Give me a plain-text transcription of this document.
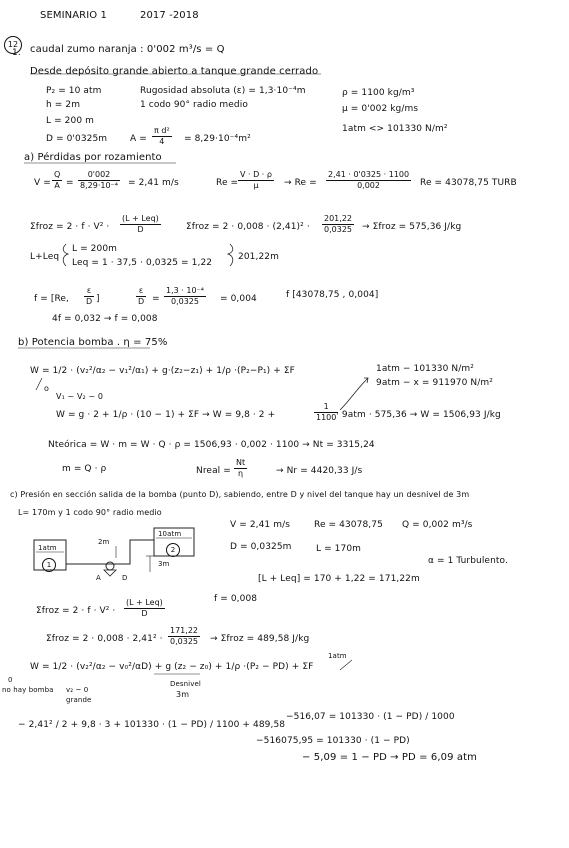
SEMINARIO 1	2017 -2018
12
1. caudal zumo naranja : 0'002 m³/s = Q
Desde depósito grande abierto a tanque grande cerrado
P₂ = 10 atm
h = 2m
L = 200 m
D = 0'0325m
Rugosidad absoluta (ε) = 1,3·10⁻⁴m
1 codo 90° radio medio
$A = \frac{\text{π d²}}{4} = 8,29\cdot 10^{-4}m^2$
ρ = 1100 kg/m³
μ = 0'002 kg/ms
1atm <> 101330 N/m²
a) Pérdidas por rozamiento
$V = \frac{Q}{A} = \frac{0'002}{\text{8,29·10⁻⁴}} = 2,41$ m/s	$Re = \frac{V \cdot D \cdot \rho}{\mu} \to Re = \frac{2,41 \cdot 0'0325 \cdot 1100}{0,002}$ Re = 43078,75 TURB
Σfroz = 2 · f · V² ·
(L + Leq)
D	Σfroz = $2 \cdot 0,008 \cdot (2,41)^2 \cdot \frac{201,22}{0,0325}$ → Σfroz = 575,36 J/kg
L+Leq
L = 200m
Leq = 1 · 37,5 · 0,0325 = 1,22
201,22m
f = [Re, $\frac{\varepsilon}{D}$ ]	$\frac{\varepsilon}{D} = \frac{\text{1,3 · 10⁻⁴}}{0,0325} = 0,004$	f [43078,75 , 0,004]
4f = 0,032 → f = 0,008
b) Potencia bomba . η = 75%
W = 1/2 · (v₂²/α₂ − v₁²/α₁) + g·(z₂−z₁) + 1/ρ ·(P₂−P₁) + ΣF
o
V₁ ~ V₂ ~ 0
1atm − 101330 N/m²
9atm − x = 911970 N/m²
W = g · 2 + 1/ρ · (10 − 1) + ΣF → W = 9,8 · 2 +	$\frac{1}{1100}$
· 9atm · 575,36 → W = 1506,93 J/kg
Nteórica = W · m = W · Q · ρ = 1506,93 · 0,002 · 1100 → Nt = 3315,24
m = Q · ρ	Nreal = $\frac{Nt}{\eta}$	→ Nr = 4420,33 J/s
c) Presión en sección salida de la bomba (punto D), sabiendo, entre D y nivel del tanque hay un desnivel de 3m
L= 170m y 1 codo 90° radio medio
V = 2,41 m/s	Re = 43078,75 Q = 0,002 m³/s
D = 0,0325m	L = 170m
α = 1 Turbulento.
1atm
10atm
2m
A	D
3m
1
2
[L + Leq] = 170 + 1,22 = 171,22m
f = 0,008
Σfroz = 2 · f · V² ·
(L + Leq)
D
Σfroz = $2 \cdot 0,008 \cdot 2,41^2 \cdot \frac{171,22}{0,0325}$ → Σfroz = 489,58 J/kg
1atm
W = 1/2 · (v₂²/α₂ − v₀²/αD) + g (z₂ − z₀) + 1/ρ ·(P₂ − PD) + ΣF
0
no hay bomba v₂ ~ 0
grande
Desnivel
3m
− 2,41² / 2 + 9,8 · 3 + 101330 · (1 − PD) / 1100 + 489,58
−516,07 = 101330 · (1 − PD) / 1000
−516075,95 = 101330 · (1 − PD)
− 5,09 = 1 − PD → PD = 6,09 atm
